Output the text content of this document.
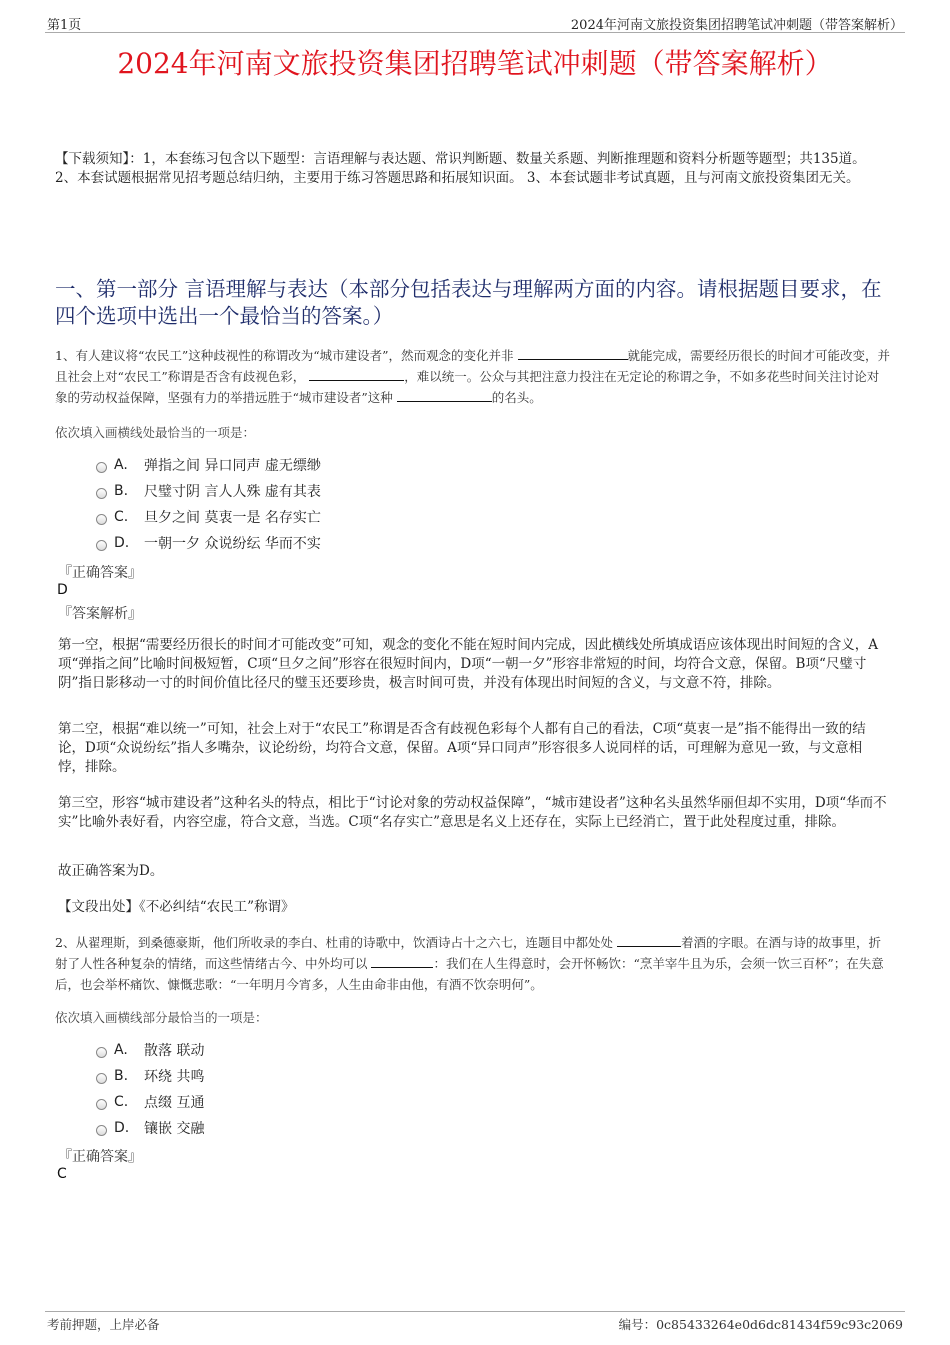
第1页	2024年河南文旅投资集团招聘笔试冲刺题（带答案解析）
2024年河南文旅投资集团招聘笔试冲刺题（带答案解析）
【下载须知】：1，本套练习包含以下题型：言语理解与表达题、常识判断题、数量关系题、判断推理题和资料分析题等题型；共135道。 2、本套试题根据常见招考题总结归纳，主要用于练习答题思路和拓展知识面。 3、本套试题非考试真题，且与河南文旅投资集团无关。
一、第一部分 言语理解与表达（本部分包括表达与理解两方面的内容。请根据题目要求，在四个选项中选出一个最恰当的答案。）
1、有人建议将“农民工”这种歧视性的称谓改为“城市建设者”，然而观念的变化并非	就能完成，需要经历很长的时间才可能改变，并且社会上对“农民工”称谓是否含有歧视色彩，	，难以统一。公众与其把注意力投注在无定论的称谓之争，不如多花些时间关注讨论对象的劳动权益保障，坚强有力的举措远胜于“城市建设者”这种	的名头。
依次填入画横线处最恰当的一项是：
A.	弹指之间 异口同声 虚无缥缈
B.	尺璧寸阴 言人人殊 虚有其表
C.	旦夕之间 莫衷一是 名存实亡
D.	一朝一夕 众说纷纭 华而不实
『正确答案』
D
『答案解析』
第一空，根据“需要经历很长的时间才可能改变”可知，观念的变化不能在短时间内完成，因此横线处所填成语应该体现出时间短的含义，A项“弹指之间”比喻时间极短暂，C项“旦夕之间”形容在很短时间内，D项“一朝一夕”形容非常短的时间，均符合文意，保留。B项“尺璧寸阴”指日影移动一寸的时间价值比径尺的璧玉还要珍贵，极言时间可贵，并没有体现出时间短的含义，与文意不符，排除。
第二空，根据“难以统一”可知，社会上对于“农民工”称谓是否含有歧视色彩每个人都有自己的看法，C项“莫衷一是”指不能得出一致的结论，D项“众说纷纭”指人多嘴杂，议论纷纷，均符合文意，保留。A项“异口同声”形容很多人说同样的话，可理解为意见一致，与文意相悖，排除。
第三空，形容“城市建设者”这种名头的特点，相比于“讨论对象的劳动权益保障”，“城市建设者”这种名头虽然华丽但却不实用，D项“华而不实”比喻外表好看，内容空虚，符合文意，当选。C项“名存实亡”意思是名义上还存在，实际上已经消亡，置于此处程度过重，排除。
故正确答案为D。
【文段出处】《不必纠结“农民工”称谓》
2、从翟理斯，到桑德豪斯，他们所收录的李白、杜甫的诗歌中，饮酒诗占十之六七，连题目中都处处	着酒的字眼。在酒与诗的故事里，折射了人性各种复杂的情绪，而这些情绪古今、中外均可以	：我们在人生得意时，会开怀畅饮：“烹羊宰牛且为乐，会须一饮三百杯”；在失意后，也会举杯痛饮、慷慨悲歌：“一年明月今宵多，人生由命非由他，有酒不饮奈明何”。
依次填入画横线部分最恰当的一项是：
A.	散落 联动
B.	环绕 共鸣
C.	点缀 互通
D.	镶嵌 交融
『正确答案』
C
考前押题，上岸必备	编号：0c85433264e0d6dc81434f59c93c2069
